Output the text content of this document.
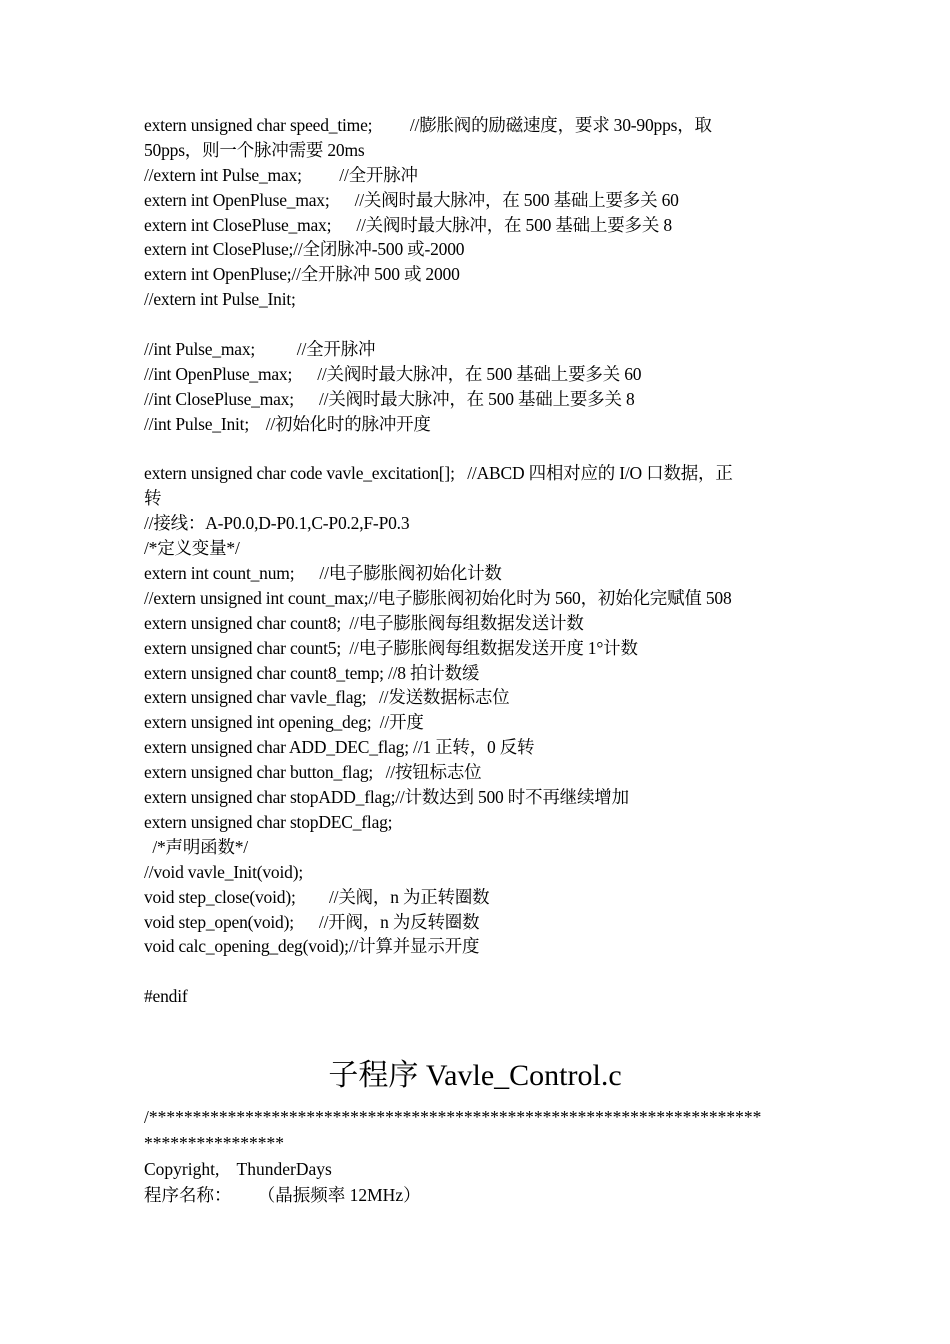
extern unsigned char speed_time;         //膨胀阀的励磁速度，要求 30-90pps，取
50pps，则一个脉冲需要 20ms
//extern int Pulse_max;         //全开脉冲
extern int OpenPluse_max;      //关阀时最大脉冲，在 500 基础上要多关 60
extern int ClosePluse_max;      //关阀时最大脉冲，在 500 基础上要多关 8
extern int ClosePluse;//全闭脉冲-500 或-2000
extern int OpenPluse;//全开脉冲 500 或 2000
//extern int Pulse_Init;
//int Pulse_max;          //全开脉冲
//int OpenPluse_max;      //关阀时最大脉冲，在 500 基础上要多关 60
//int ClosePluse_max;      //关阀时最大脉冲，在 500 基础上要多关 8
//int Pulse_Init;    //初始化时的脉冲开度
extern unsigned char code vavle_excitation[];   //ABCD 四相对应的 I/O 口数据，正
转
//接线：A-P0.0,D-P0.1,C-P0.2,F-P0.3
/*定义变量*/
extern int count_num;      //电子膨胀阀初始化计数
//extern unsigned int count_max;//电子膨胀阀初始化时为 560，初始化完赋值 508
extern unsigned char count8;  //电子膨胀阀每组数据发送计数
extern unsigned char count5;  //电子膨胀阀每组数据发送开度 1°计数
extern unsigned char count8_temp; //8 拍计数缓
extern unsigned char vavle_flag;   //发送数据标志位
extern unsigned int opening_deg;  //开度
extern unsigned char ADD_DEC_flag; //1 正转，0 反转
extern unsigned char button_flag;   //按钮标志位
extern unsigned char stopADD_flag;//计数达到 500 时不再继续增加
extern unsigned char stopDEC_flag;
/*声明函数*/
//void vavle_Init(void);
void step_close(void);        //关阀，n 为正转圈数
void step_open(void);      //开阀，n 为反转圈数
void calc_opening_deg(void);//计算并显示开度
#endif
子程序 Vavle_Control.c
/**********************************************************************
****************
Copyright,    ThunderDays
程序名称：      （晶振频率 12MHz）
